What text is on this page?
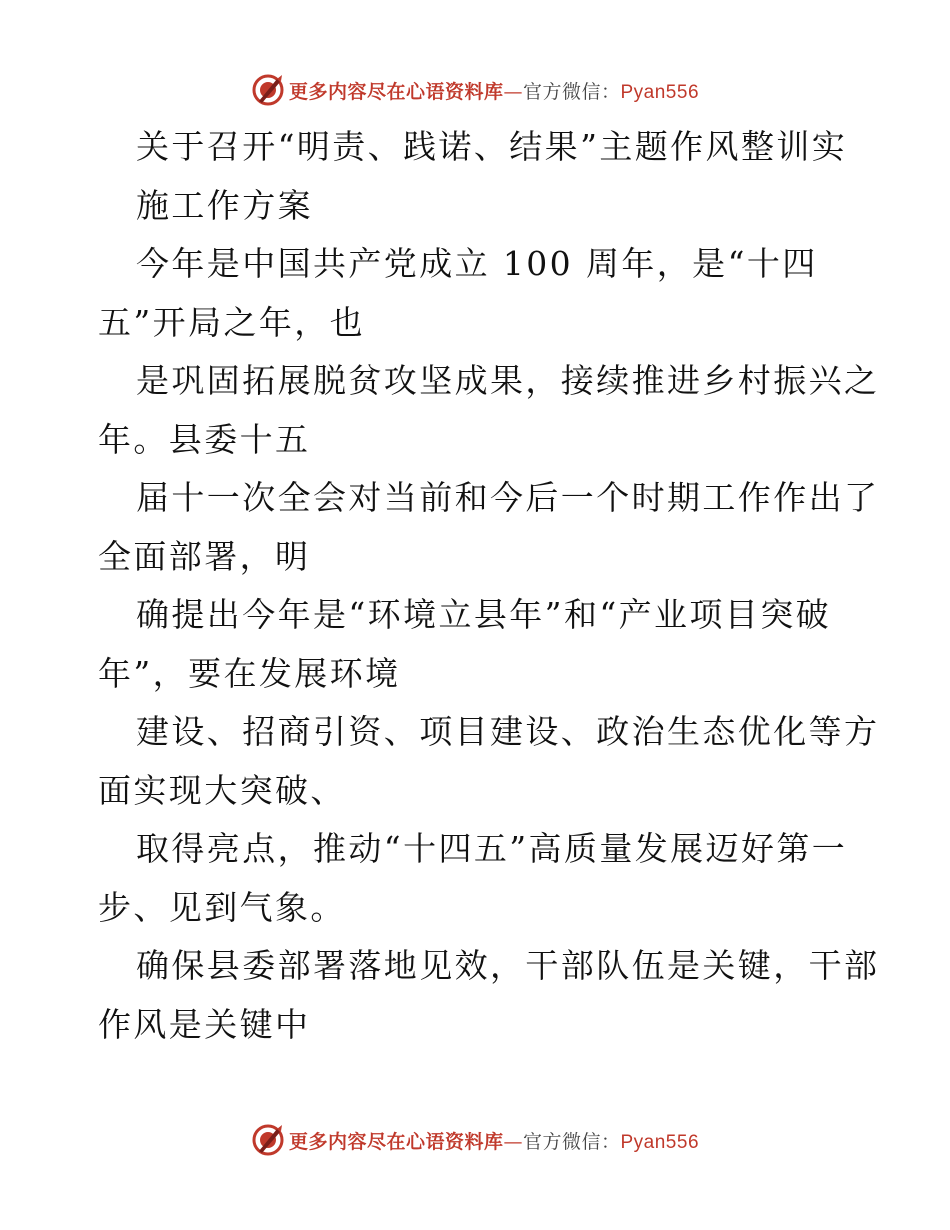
更多内容尽在心语资料库—官方微信：Pyan556
关于召开“明责、践诺、结果”主题作风整训实
施工作方案
今年是中国共产党成立 100 周年，是“十四
五”开局之年，也
是巩固拓展脱贫攻坚成果，接续推进乡村振兴之
年。县委十五
届十一次全会对当前和今后一个时期工作作出了
全面部署，明
确提出今年是“环境立县年”和“产业项目突破
年”，要在发展环境
建设、招商引资、项目建设、政治生态优化等方
面实现大突破、
取得亮点，推动“十四五”高质量发展迈好第一
步、见到气象。
确保县委部署落地见效，干部队伍是关键，干部
作风是关键中
更多内容尽在心语资料库—官方微信：Pyan556
